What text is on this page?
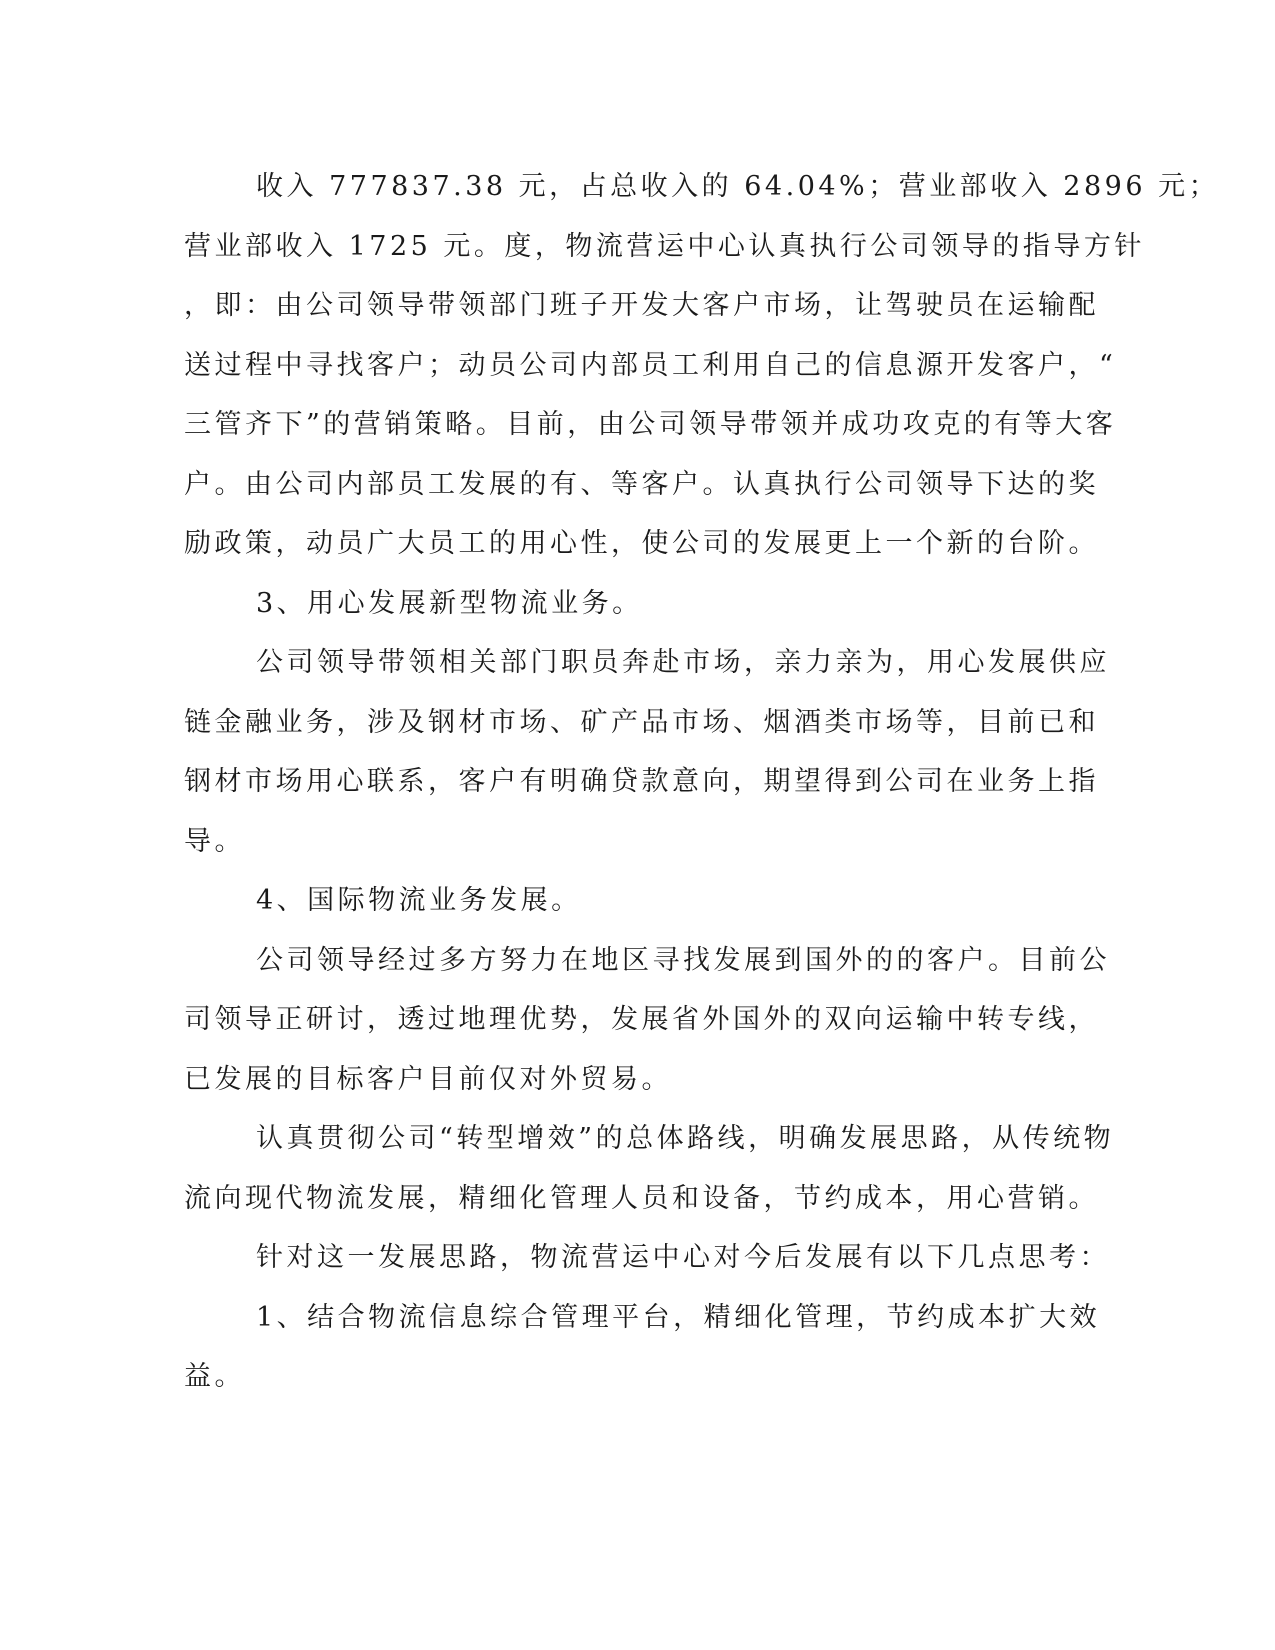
收入 777837.38 元，占总收入的 64.04%；营业部收入 2896 元；
营业部收入 1725 元。度，物流营运中心认真执行公司领导的指导方针
，即：由公司领导带领部门班子开发大客户市场，让驾驶员在运输配
送过程中寻找客户；动员公司内部员工利用自己的信息源开发客户，“
三管齐下”的营销策略。目前，由公司领导带领并成功攻克的有等大客
户。由公司内部员工发展的有、等客户。认真执行公司领导下达的奖
励政策，动员广大员工的用心性，使公司的发展更上一个新的台阶。
3、用心发展新型物流业务。
公司领导带领相关部门职员奔赴市场，亲力亲为，用心发展供应
链金融业务，涉及钢材市场、矿产品市场、烟酒类市场等，目前已和
钢材市场用心联系，客户有明确贷款意向，期望得到公司在业务上指
导。
4、国际物流业务发展。
公司领导经过多方努力在地区寻找发展到国外的的客户。目前公
司领导正研讨，透过地理优势，发展省外国外的双向运输中转专线，
已发展的目标客户目前仅对外贸易。
认真贯彻公司“转型增效”的总体路线，明确发展思路，从传统物
流向现代物流发展，精细化管理人员和设备，节约成本，用心营销。
针对这一发展思路，物流营运中心对今后发展有以下几点思考：
1、结合物流信息综合管理平台，精细化管理，节约成本扩大效
益。
